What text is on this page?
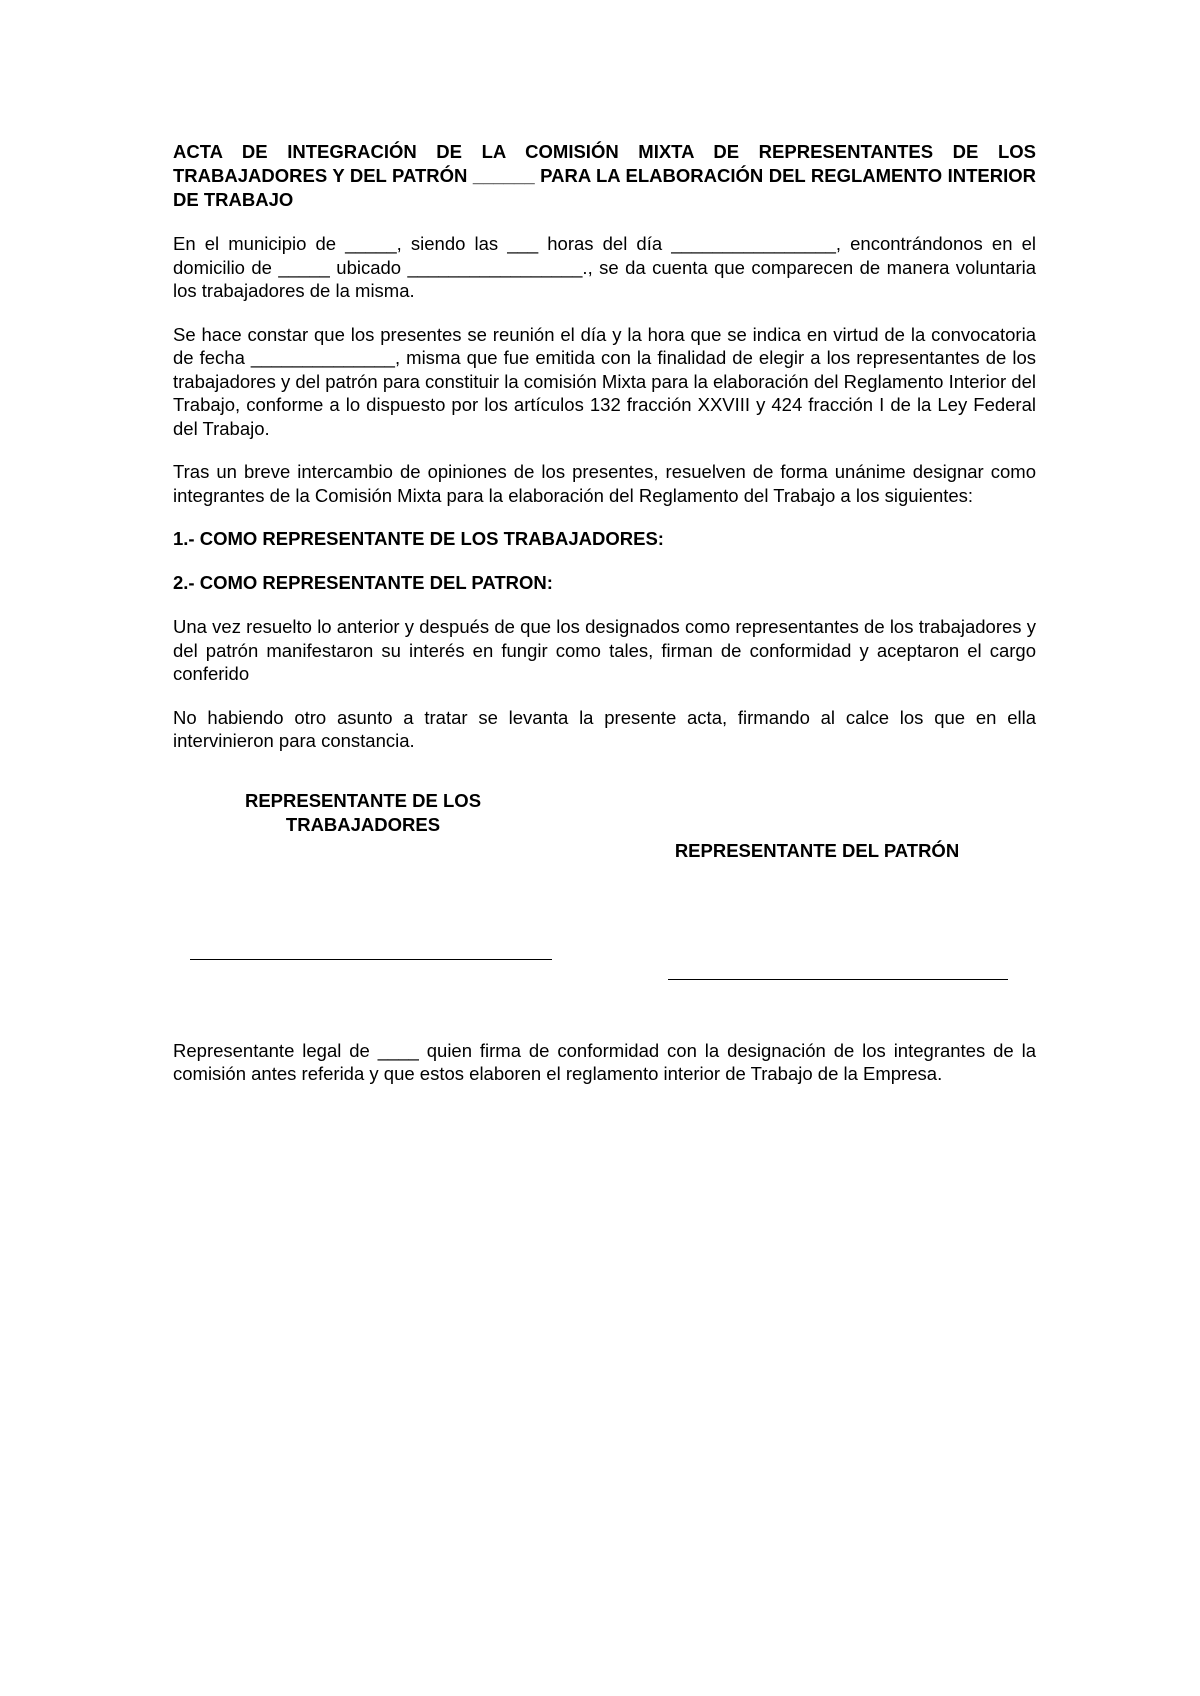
ACTA DE INTEGRACIÓN DE LA COMISIÓN MIXTA DE REPRESENTANTES DE LOS TRABAJADORES Y DEL PATRÓN ______ PARA LA ELABORACIÓN DEL REGLAMENTO INTERIOR DE TRABAJO

En el municipio de _____, siendo las ___ horas del día ________________, encontrándonos en el domicilio de _____ ubicado _________________., se da cuenta que comparecen de manera voluntaria los trabajadores de la misma.

Se hace constar que los presentes se reunión el día y la hora que se indica en virtud de la convocatoria de fecha ______________, misma que fue emitida con la finalidad de elegir a los representantes de los trabajadores y del patrón para constituir la comisión Mixta para la elaboración del Reglamento Interior del Trabajo, conforme a lo dispuesto por los artículos 132 fracción XXVIII y 424 fracción I de la Ley Federal del Trabajo.

Tras un breve intercambio de opiniones de los presentes, resuelven de forma unánime designar como integrantes de la Comisión Mixta para la elaboración del Reglamento del Trabajo a los siguientes:

1.- COMO REPRESENTANTE DE LOS TRABAJADORES:

2.- COMO REPRESENTANTE DEL PATRON:

Una vez resuelto lo anterior y después de que los designados como representantes de los trabajadores y del patrón manifestaron su interés en fungir como tales, firman de conformidad y aceptaron el cargo conferido

No habiendo otro asunto a tratar se levanta la presente acta, firmando al calce los que en ella intervinieron para constancia.

REPRESENTANTE DE LOS TRABAJADORES
REPRESENTANTE DEL PATRÓN

Representante legal de ____ quien firma de conformidad con la designación de los integrantes de la comisión antes referida y que estos elaboren el reglamento interior de Trabajo de la Empresa.
